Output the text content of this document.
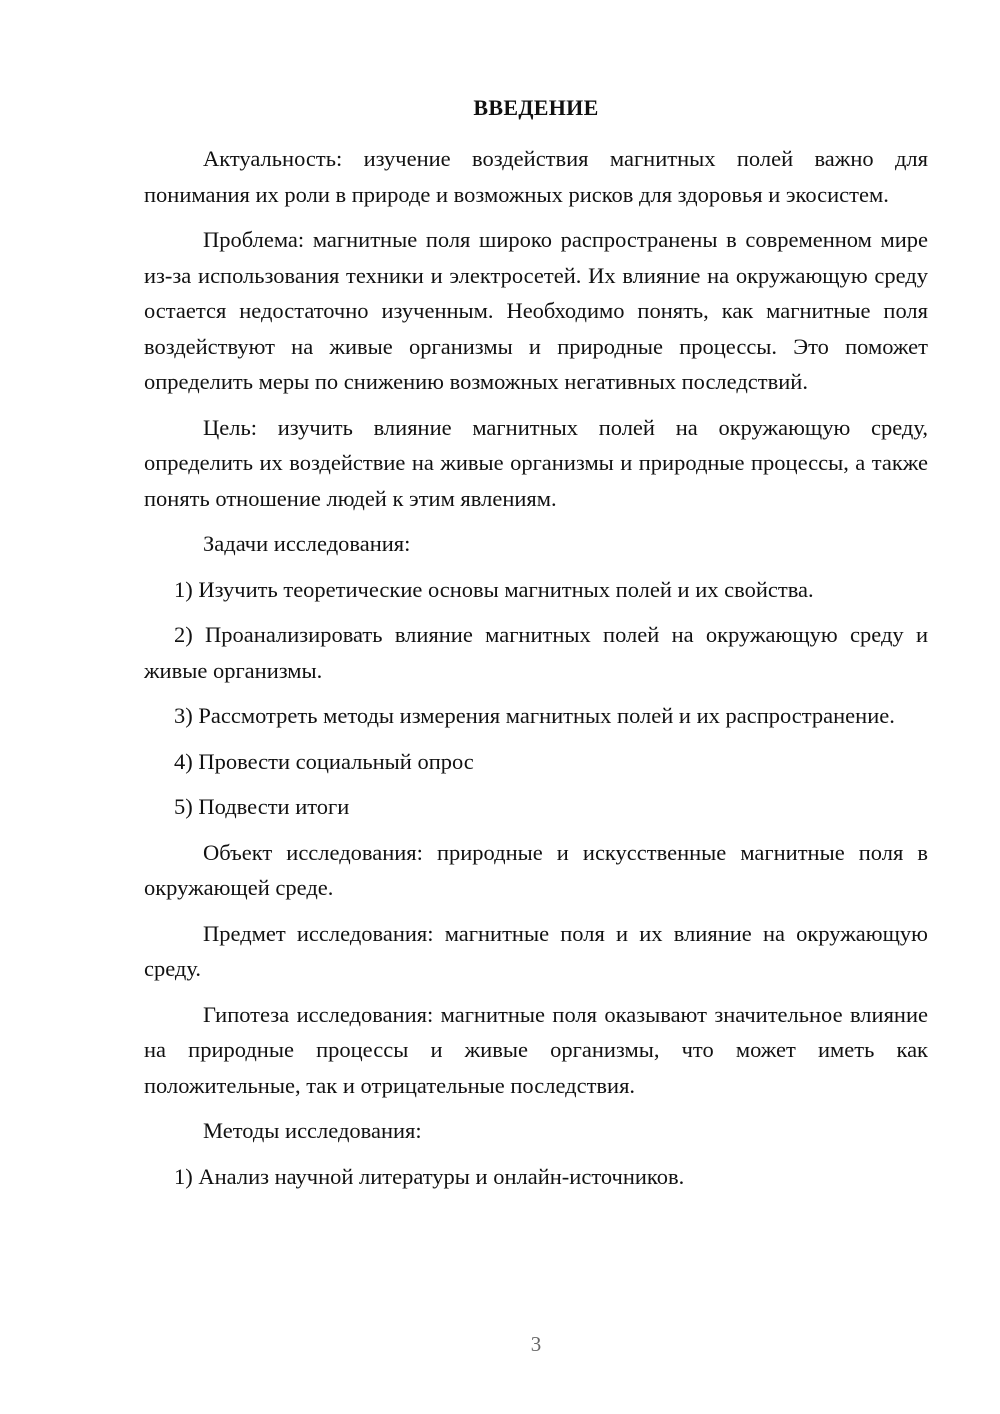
ВВЕДЕНИЕ

Актуальность: изучение воздействия магнитных полей важно для понимания их роли в природе и возможных рисков для здоровья и экосистем.

Проблема: магнитные поля широко распространены в современном мире из-за использования техники и электросетей. Их влияние на окружающую среду остается недостаточно изученным. Необходимо понять, как магнитные поля воздействуют на живые организмы и природные процессы. Это поможет определить меры по снижению возможных негативных последствий.

Цель: изучить влияние магнитных полей на окружающую среду, определить их воздействие на живые организмы и природные процессы, а также понять отношение людей к этим явлениям.

Задачи исследования:

1) Изучить теоретические основы магнитных полей и их свойства.

2) Проанализировать влияние магнитных полей на окружающую среду и живые организмы.

3) Рассмотреть методы измерения магнитных полей и их распространение.

4) Провести социальный опрос

5) Подвести итоги

Объект исследования: природные и искусственные магнитные поля в окружающей среде.

Предмет исследования: магнитные поля и их влияние на окружающую среду.

Гипотеза исследования: магнитные поля оказывают значительное влияние на природные процессы и живые организмы, что может иметь как положительные, так и отрицательные последствия.

Методы исследования:

1) Анализ научной литературы и онлайн-источников.

3
